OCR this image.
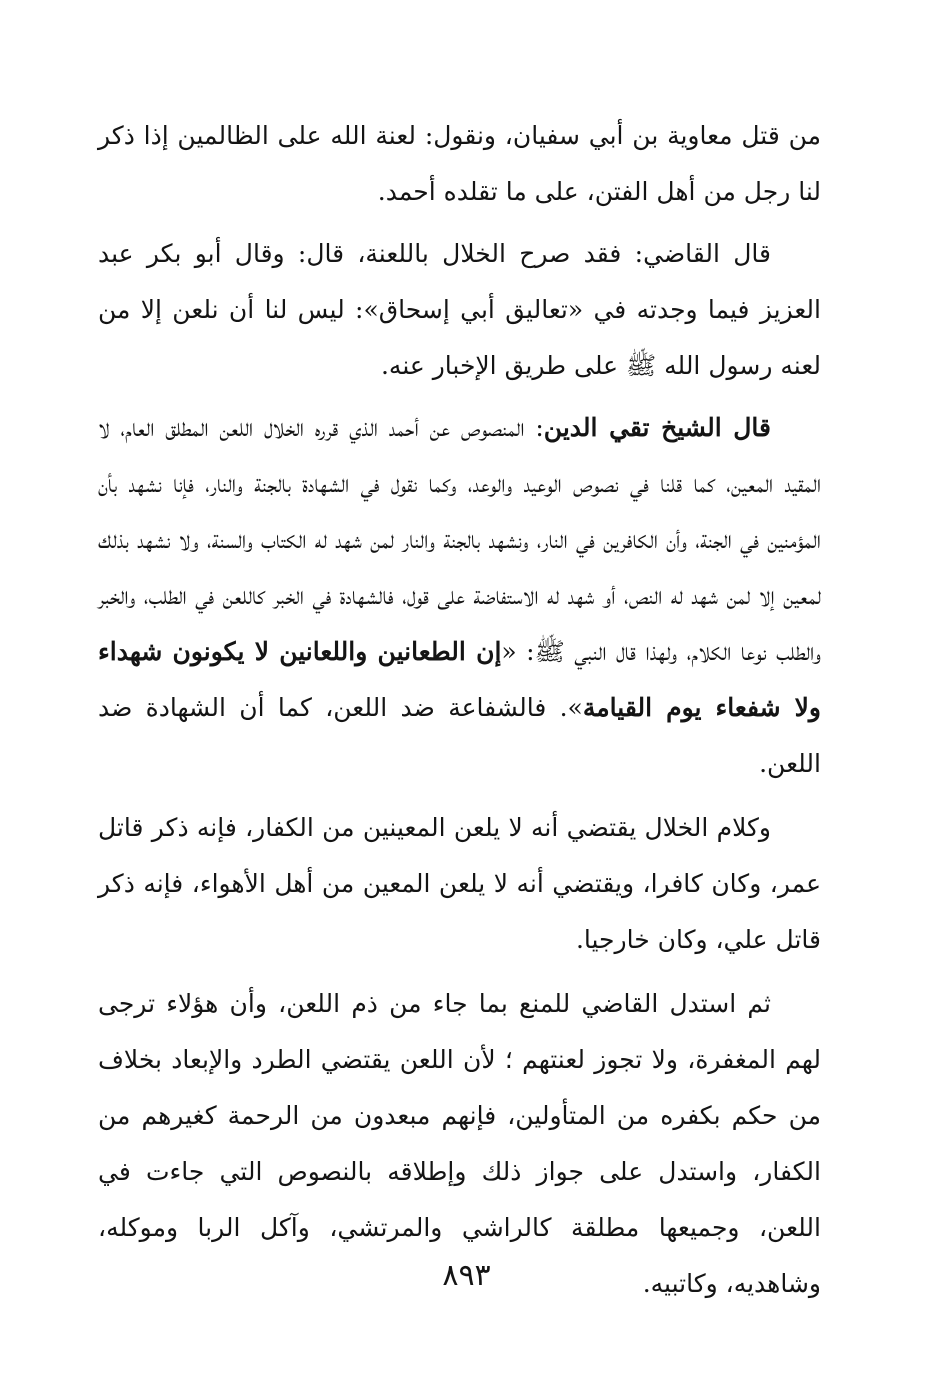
من قتل معاوية بن أبي سفيان، ونقول: لعنة الله على الظالمين إذا ذكر لنا رجل من أهل الفتن، على ما تقلده أحمد.

قال القاضي: فقد صرح الخلال باللعنة، قال: وقال أبو بكر عبد العزيز فيما وجدته في «تعاليق أبي إسحاق»: ليس لنا أن نلعن إلا من لعنه رسول الله ﷺ على طريق الإخبار عنه.

قال الشيخ تقي الدين: المنصوص عن أحمد الذي قرره الخلال اللعن المطلق العام، لا المقيد المعين، كما قلنا في نصوص الوعيد والوعد، وكما نقول في الشهادة بالجنة والنار، فإنا نشهد بأن المؤمنين في الجنة، وأن الكافرين في النار، ونشهد بالجنة والنار لمن شهد له الكتاب والسنة، ولا نشهد بذلك لمعين إلا لمن شهد له النص، أو شهد له الاستفاضة على قول، فالشهادة في الخبر كاللعن في الطلب، والخبر والطلب نوعا الكلام، ولهذا قال النبي ﷺ: «إن الطعانين واللعانين لا يكونون شهداء ولا شفعاء يوم القيامة». فالشفاعة ضد اللعن، كما أن الشهادة ضد اللعن.

وكلام الخلال يقتضي أنه لا يلعن المعينين من الكفار، فإنه ذكر قاتل عمر، وكان كافرا، ويقتضي أنه لا يلعن المعين من أهل الأهواء، فإنه ذكر قاتل علي، وكان خارجيا.

ثم استدل القاضي للمنع بما جاء من ذم اللعن، وأن هؤلاء ترجى لهم المغفرة، ولا تجوز لعنتهم ؛ لأن اللعن يقتضي الطرد والإبعاد بخلاف من حكم بكفره من المتأولين، فإنهم مبعدون من الرحمة كغيرهم من الكفار، واستدل على جواز ذلك وإطلاقه بالنصوص التي جاءت في اللعن، وجميعها مطلقة كالراشي والمرتشي، وآكل الربا وموكله، وشاهديه، وكاتبيه.

٨٩٣
